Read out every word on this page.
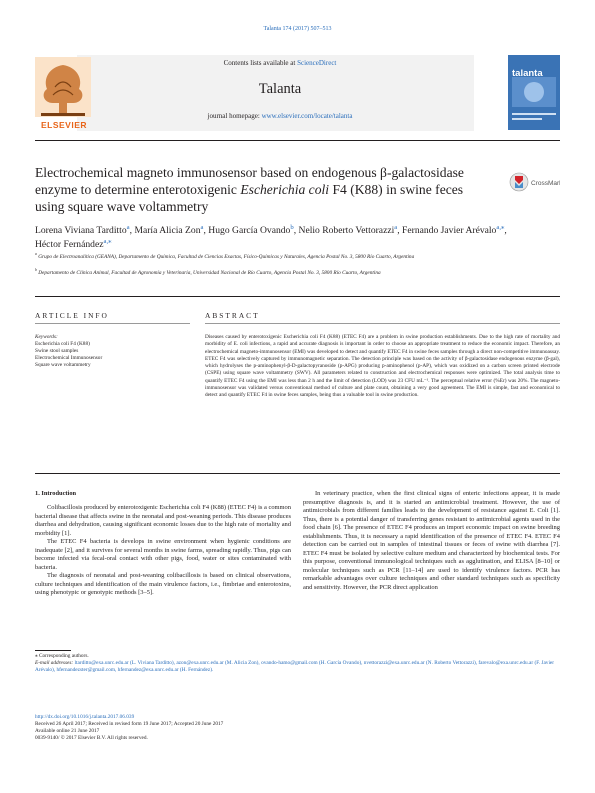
Talanta 174 (2017) 507–513
Contents lists available at ScienceDirect
Talanta
journal homepage: www.elsevier.com/locate/talanta
ELSEVIER
talanta
Electrochemical magneto immunosensor based on endogenous β-galactosidase enzyme to determine enterotoxigenic Escherichia coli F4 (K88) in swine feces using square wave voltammetry
CrossMark
Lorena Viviana Tarditto$^a$, María Alicia Zon$^a$, Hugo García Ovando$^b$, Nelio Roberto Vettorazzi$^a$, Fernando Javier Arévalo$^{a,⁎}$, Héctor Fernández$^{a,⁎}$
$^a$ Grupo de Electroanalítica (GEANA), Departamento de Química, Facultad de Ciencias Exactas, Físico-Químicas y Naturales, Agencia Postal No. 3, 5800 Río Cuarto, Argentina
$^b$ Departamento de Clínica Animal, Facultad de Agronomía y Veterinaria, Universidad Nacional de Río Cuarto, Agencia Postal No. 3, 5800 Río Cuarto, Argentina
ARTICLE INFO	ABSTRACT
Keywords:
Escherichia coli F4 (K88)
Swine stool samples
Electrochemical Immunosensor
Square wave voltammetry
Diseases caused by enterotoxigenic Escherichia coli F4 (K88) (ETEC F4) are a problem in swine production establishments. Due to the high rate of mortality and morbidity of E. coli infections, a rapid and accurate diagnosis is important in order to choose an appropriate treatment to reduce the economic impact. Therefore, an electrochemical magneto-immunosensor (EMI) was developed to detect and quantify ETEC F4 in swine feces samples through a direct non-competitive immunoassay. ETEC F4 was selectively captured by immunomagnetic separation. The detection principle was based on the activity of β-galactosidase endogenous enzyme (β-gal), which hydrolyses the p-aminophenyl-β-D-galactopyranoside (p-APG) producing p-aminophenol (p-AP), which was oxidized on a carbon screen printed electrode (CSPE) using square wave voltammetry (SWV). All parameters related to construction and electrochemical responses were optimized. The total analysis time to quantify ETEC F4 using the EMI was less than 2 h and the limit of detection (LOD) was 23 CFU mL⁻¹. The perceptual relative error (%Er) was 20%. The magneto-immunosensor was validated versus conventional method of culture and plate count, obtaining a very good agreement. The EMI is simple, fast and economical to detect and quantify ETEC F4 in swine feces samples, being thus a valuable tool in swine production.
1. Introduction

Colibacillosis produced by enterotoxigenic Escherichia coli F4 (K88) (ETEC F4) is a common bacterial disease that affects swine in the neonatal and post-weaning periods. This disease produces diarrhea and dehydration, causing significant economic losses due to the high rate of mortality and morbidity [1].

The ETEC F4 bacteria is develops in swine environment when hygienic conditions are inadequate [2], and it survives for several months in swine farms, spreading rapidly. Thus, pigs can become infected via fecal-oral contact with other pigs, food, water or sites contaminated with bacteria.

The diagnosis of neonatal and post-weaning colibacillosis is based on clinical observations, culture techniques and identification of the main virulence factors, i.e., fimbriae and enterotoxins, using phenotypic or genotypic methods [3–5].

In veterinary practice, when the first clinical signs of enteric infections appear, it is made presumptive diagnosis is, and it is started an antimicrobial treatment. However, the use of antimicrobials from different families leads to the development of resistance against E. Coli [1]. Thus, there is a potential danger of transferring genes resistant to antimicrobial agents used in the food chain [6]. The presence of ETEC F4 produces an import economic impact on swine breeding establishments. Thus, it is necessary a rapid identification of the presence of ETEC F4. ETEC F4 detection can be carried out in samples of intestinal tissues or feces of swine with diarrhea [7]. ETEC F4 must be isolated by selective culture medium and characterized by biochemical tests. For this purpose, conventional immunological techniques such as agglutination, and ELISA [8–10] or molecular techniques such as PCR [11–14] are used to identify virulence factors. PCR has remarkable advantages over culture techniques and other standard techniques such as specificity and sensitivity. However, the PCR direct application

⁎ Corresponding authors.
E-mail addresses: ltarditto@exa.unrc.edu.ar (L. Viviana Tarditto), azon@exa.unrc.edu.ar (M. Alicia Zon), ovando-hamo@gmail.com (H. García Ovando), nvettorazzi@exa.unrc.edu.ar (N. Roberto Vettorazzi), farevalo@exa.unrc.edu.ar (F. Javier Arévalo), hfernandezster@gmail.com, hfernandez@exa.unrc.edu.ar (H. Fernández).
http://dx.doi.org/10.1016/j.talanta.2017.06.039
Received 26 April 2017; Received in revised form 19 June 2017; Accepted 20 June 2017
Available online 21 June 2017
0039-9140/ © 2017 Elsevier B.V. All rights reserved.
